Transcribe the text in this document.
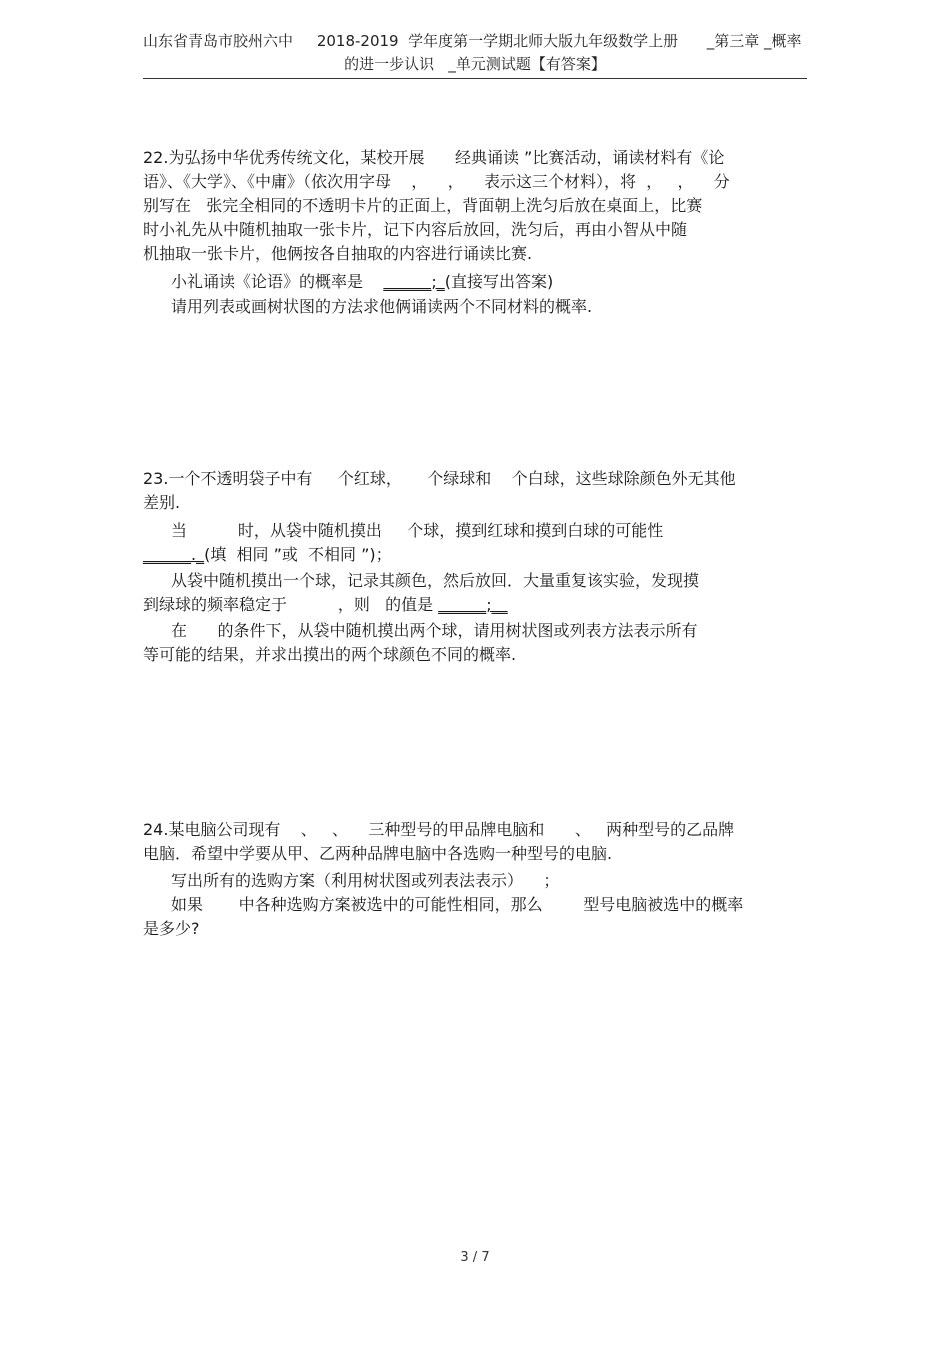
山东省青岛市胶州六中     2018-2019  学年度第一学期北师大版九年级数学上册      _第三章 _概率
的进一步认识   _单元测试题【有答案】
22.为弘扬中华优秀传统文化，某校开展      经典诵读 ”比赛活动，诵读材料有《论
语》、《大学》、《中庸》（依次用字母    ，    ，    表示这三个材料），将  ，   ，    分
别写在   张完全相同的不透明卡片的正面上，背面朝上洗匀后放在桌面上，比赛
时小礼先从中随机抽取一张卡片，记下内容后放回，洗匀后，再由小智从中随
机抽取一张卡片，他俩按各自抽取的内容进行诵读比赛.
小礼诵读《论语》的概率是    ______;_(直接写出答案)
请用列表或画树状图的方法求他俩诵读两个不同材料的概率.
23.一个不透明袋子中有     个红球，     个绿球和    个白球，这些球除颜色外无其他
差别.
当          时，从袋中随机摸出     个球，摸到红球和摸到白球的可能性
______._(填  相同 ”或  不相同 ”)；
从袋中随机摸出一个球，记录其颜色，然后放回．大量重复该实验，发现摸
到绿球的频率稳定于          ，则   的值是 ______;__
在      的条件下，从袋中随机摸出两个球，请用树状图或列表方法表示所有
等可能的结果，并求出摸出的两个球颜色不同的概率.
24.某电脑公司现有    、   、    三种型号的甲品牌电脑和      、   两种型号的乙品牌
电脑．希望中学要从甲、乙两种品牌电脑中各选购一种型号的电脑.
写出所有的选购方案（利用树状图或列表法表示）    ；
如果       中各种选购方案被选中的可能性相同，那么        型号电脑被选中的概率
是多少?
3 / 7
